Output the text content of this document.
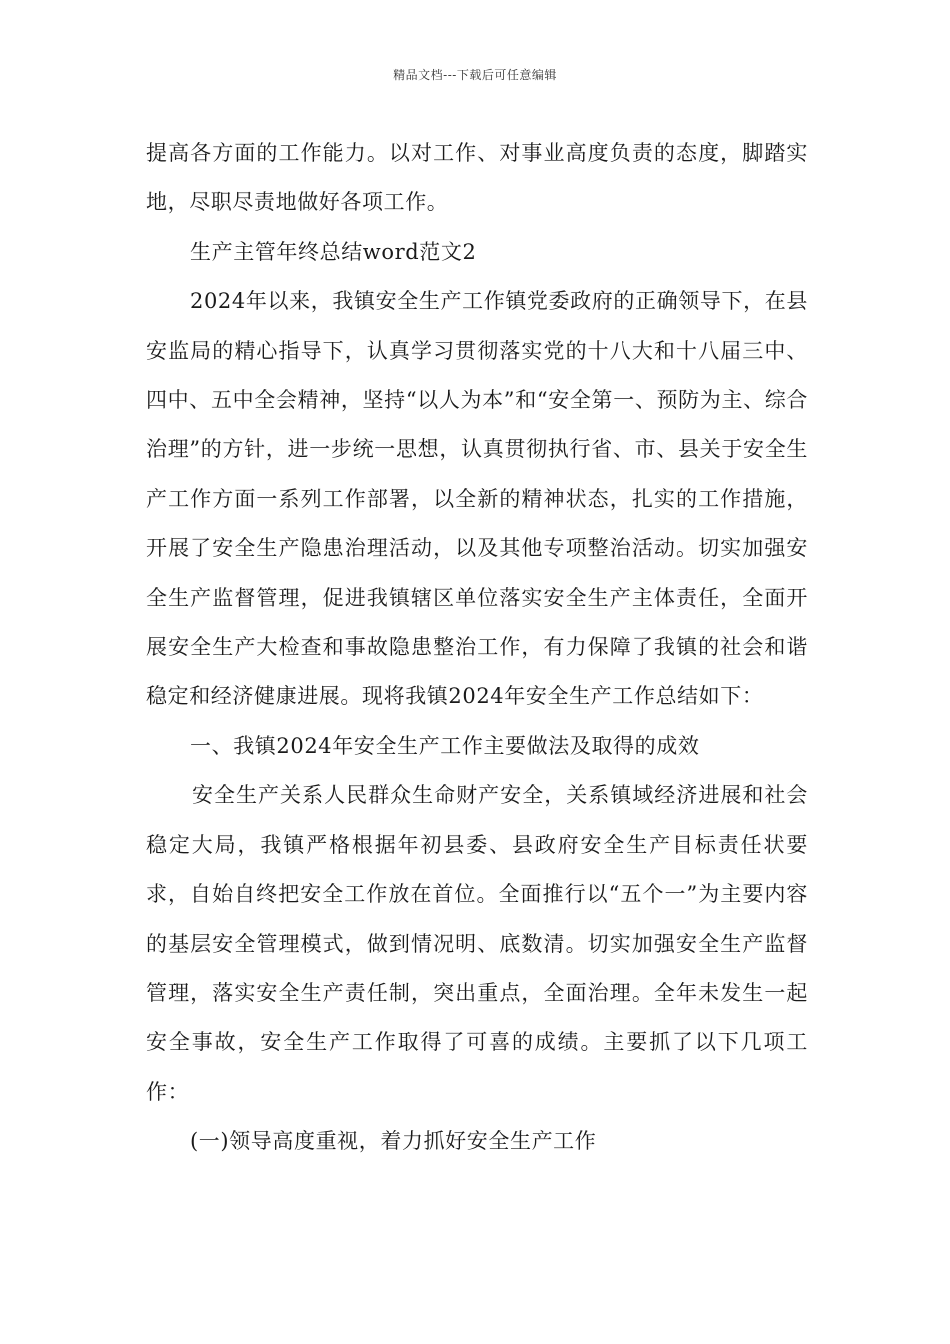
精品文档---下载后可任意编辑

提高各方面的工作能力。以对工作、对事业高度负责的态度，脚踏实地，尽职尽责地做好各项工作。

生产主管年终总结word范文2

2024年以来，我镇安全生产工作镇党委政府的正确领导下，在县安监局的精心指导下，认真学习贯彻落实党的十八大和十八届三中、四中、五中全会精神，坚持“以人为本”和“安全第一、预防为主、综合治理”的方针，进一步统一思想，认真贯彻执行省、市、县关于安全生产工作方面一系列工作部署，以全新的精神状态，扎实的工作措施，开展了安全生产隐患治理活动，以及其他专项整治活动。切实加强安全生产监督管理，促进我镇辖区单位落实安全生产主体责任，全面开展安全生产大检查和事故隐患整治工作，有力保障了我镇的社会和谐稳定和经济健康进展。现将我镇2024年安全生产工作总结如下：

一、我镇2024年安全生产工作主要做法及取得的成效

安全生产关系人民群众生命财产安全，关系镇域经济进展和社会稳定大局，我镇严格根据年初县委、县政府安全生产目标责任状要求，自始自终把安全工作放在首位。全面推行以“五个一”为主要内容的基层安全管理模式，做到情况明、底数清。切实加强安全生产监督管理，落实安全生产责任制，突出重点，全面治理。全年未发生一起安全事故，安全生产工作取得了可喜的成绩。主要抓了以下几项工作：

(一)领导高度重视，着力抓好安全生产工作
